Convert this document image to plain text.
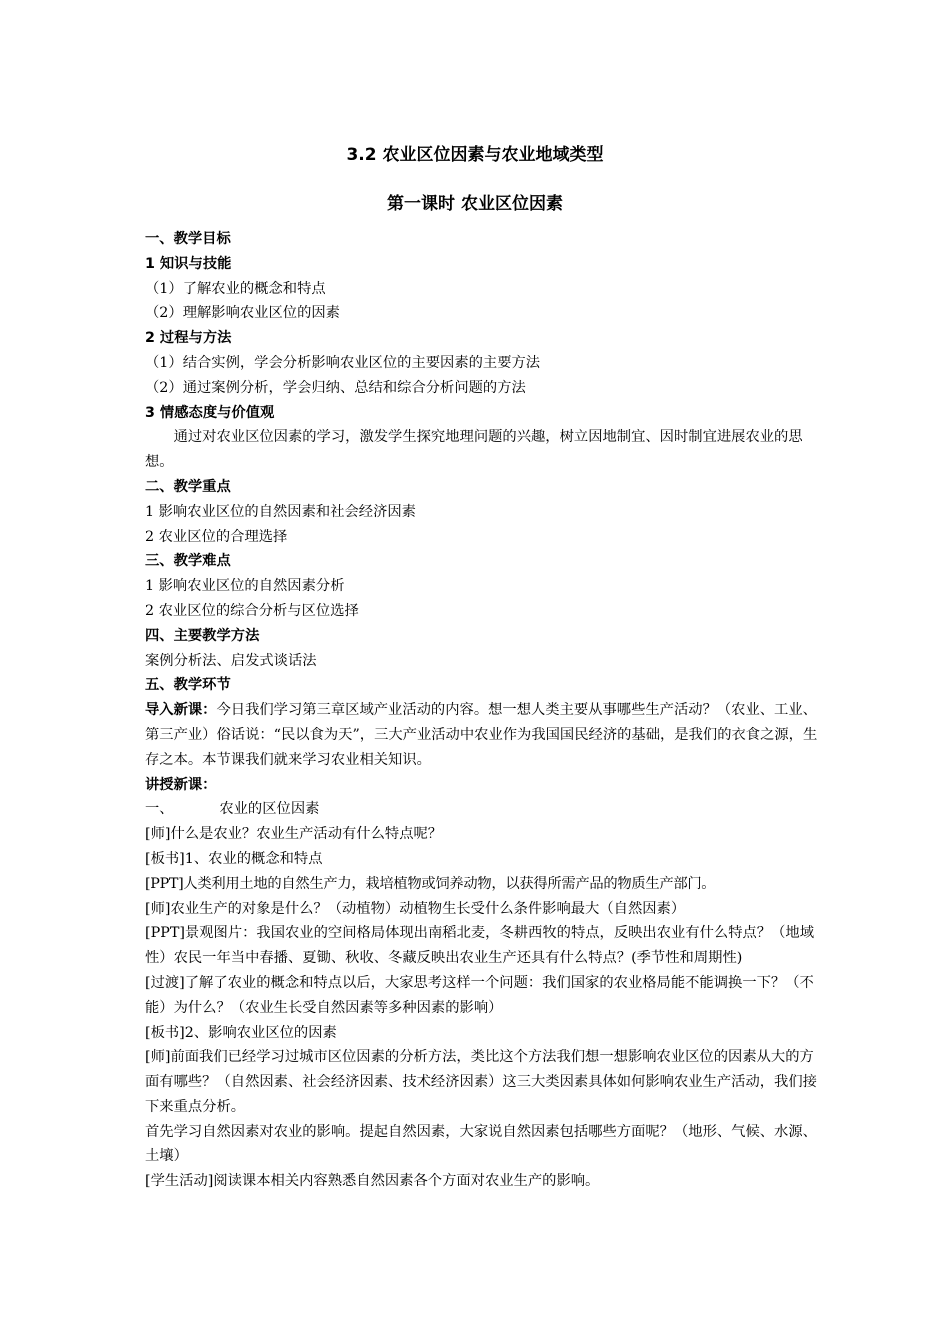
3.2 农业区位因素与农业地域类型
第一课时 农业区位因素

一、教学目标

1 知识与技能

（1）了解农业的概念和特点

（2）理解影响农业区位的因素

2 过程与方法

（1）结合实例，学会分析影响农业区位的主要因素的主要方法

（2）通过案例分析，学会归纳、总结和综合分析问题的方法

3 情感态度与价值观

通过对农业区位因素的学习，激发学生探究地理问题的兴趣，树立因地制宜、因时制宜进展农业的思想。

二、教学重点

1 影响农业区位的自然因素和社会经济因素

2 农业区位的合理选择

三、教学难点

1 影响农业区位的自然因素分析

2 农业区位的综合分析与区位选择

四、主要教学方法

案例分析法、启发式谈话法

五、教学环节

导入新课：今日我们学习第三章区域产业活动的内容。想一想人类主要从事哪些生产活动？（农业、工业、第三产业）俗话说：“民以食为天”，三大产业活动中农业作为我国国民经济的基础，是我们的衣食之源，生存之本。本节课我们就来学习农业相关知识。

讲授新课：

一、	农业的区位因素

[师]什么是农业？农业生产活动有什么特点呢？

[板书]1、农业的概念和特点

[PPT]人类利用土地的自然生产力，栽培植物或饲养动物，以获得所需产品的物质生产部门。

[师]农业生产的对象是什么？（动植物）动植物生长受什么条件影响最大（自然因素）

[PPT]景观图片：我国农业的空间格局体现出南稻北麦，冬耕西牧的特点，反映出农业有什么特点？（地域性）农民一年当中春播、夏锄、秋收、冬藏反映出农业生产还具有什么特点？(季节性和周期性)

[过渡]了解了农业的概念和特点以后，大家思考这样一个问题：我们国家的农业格局能不能调换一下？（不能）为什么？（农业生长受自然因素等多种因素的影响）

[板书]2、影响农业区位的因素

[师]前面我们已经学习过城市区位因素的分析方法，类比这个方法我们想一想影响农业区位的因素从大的方面有哪些？（自然因素、社会经济因素、技术经济因素）这三大类因素具体如何影响农业生产活动，我们接下来重点分析。

首先学习自然因素对农业的影响。提起自然因素，大家说自然因素包括哪些方面呢？（地形、气候、水源、土壤）

[学生活动]阅读课本相关内容熟悉自然因素各个方面对农业生产的影响。
